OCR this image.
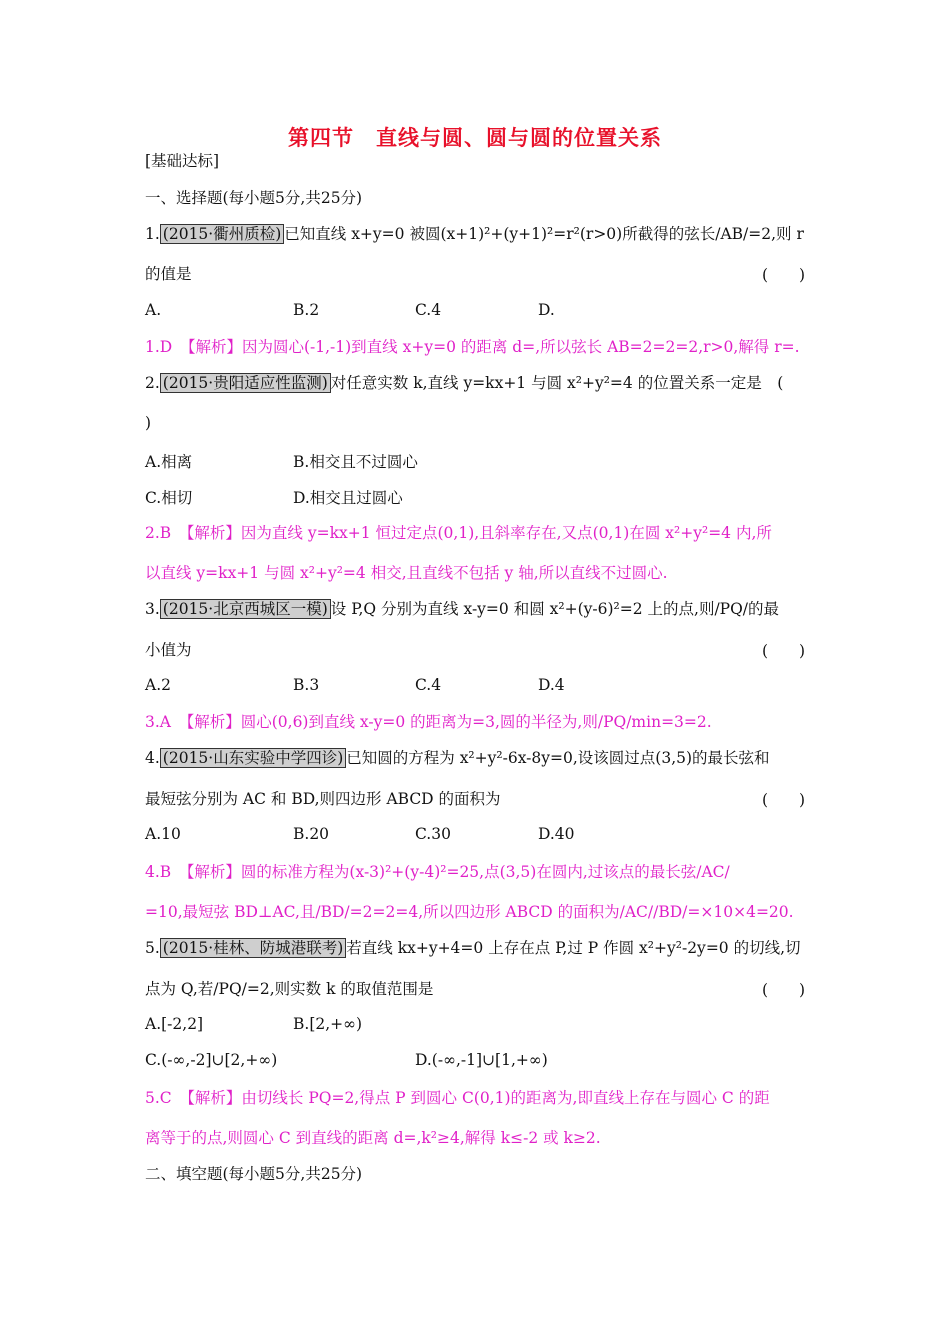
第四节　直线与圆、圆与圆的位置关系
[基础达标]
一、选择题(每小题5分,共25分)
1. (2015·衢州质检) 已知直线 x+y=0 被圆(x+1)²+(y+1)²=r²(r>0)所截得的弦长/AB/=2,则 r
的值是	(　　)
A.	B.2	C.4	D.
1.D　【解析】因为圆心(-1,-1)到直线 x+y=0 的距离 d=,所以弦长 AB=2=2=2,r>0,解得 r=.
2. (2015·贵阳适应性监测) 对任意实数 k,直线 y=kx+1 与圆 x²+y²=4 的位置关系一定是　(
)
A.相离	B.相交且不过圆心
C.相切	D.相交且过圆心
2.B　【解析】因为直线 y=kx+1 恒过定点(0,1),且斜率存在,又点(0,1)在圆 x²+y²=4 内,所
以直线 y=kx+1 与圆 x²+y²=4 相交,且直线不包括 y 轴,所以直线不过圆心.
3. (2015·北京西城区一模) 设 P,Q 分别为直线 x-y=0 和圆 x²+(y-6)²=2 上的点,则/PQ/的最
小值为	(　　)
A.2	B.3	C.4	D.4
3.A　【解析】圆心(0,6)到直线 x-y=0 的距离为=3,圆的半径为,则/PQ/min=3=2.
4. (2015·山东实验中学四诊) 已知圆的方程为 x²+y²-6x-8y=0,设该圆过点(3,5)的最长弦和
最短弦分别为 AC 和 BD,则四边形 ABCD 的面积为	(　　)
A.10	B.20	C.30	D.40
4.B　【解析】圆的标准方程为(x-3)²+(y-4)²=25,点(3,5)在圆内,过该点的最长弦/AC/
=10,最短弦 BD⊥AC,且/BD/=2=2=4,所以四边形 ABCD 的面积为/AC//BD/=×10×4=20.
5. (2015·桂林、防城港联考) 若直线 kx+y+4=0 上存在点 P,过 P 作圆 x²+y²-2y=0 的切线,切
点为 Q,若/PQ/=2,则实数 k 的取值范围是	(　　)
A.[-2,2]	B.[2,+∞)
C.(-∞,-2]∪[2,+∞)	D.(-∞,-1]∪[1,+∞)
5.C　【解析】由切线长 PQ=2,得点 P 到圆心 C(0,1)的距离为,即直线上存在与圆心 C 的距
离等于的点,则圆心 C 到直线的距离 d=,k²≥4,解得 k≤-2 或 k≥2.
二、填空题(每小题5分,共25分)
